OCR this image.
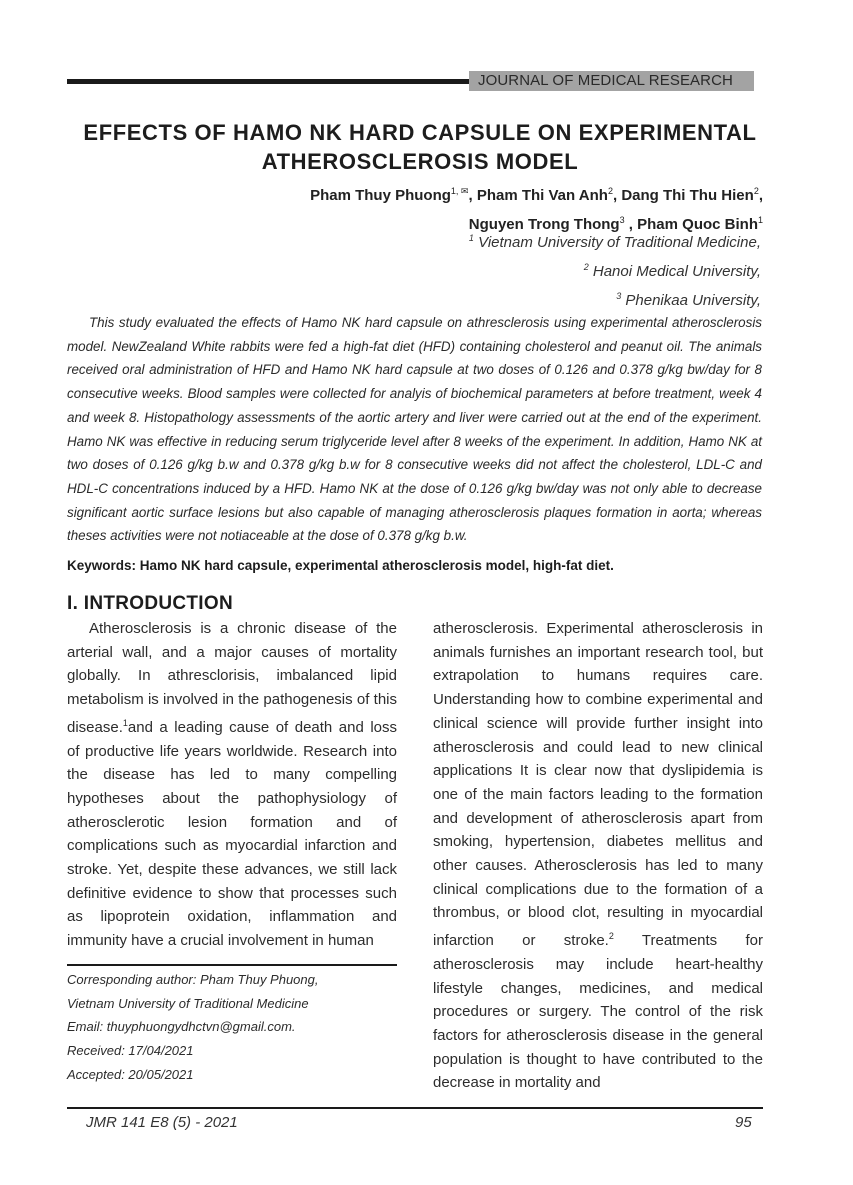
JOURNAL OF MEDICAL RESEARCH
EFFECTS OF HAMO NK HARD CAPSULE ON EXPERIMENTAL
ATHEROSCLEROSIS MODEL
Pham Thuy Phuong$^{1, ✉}$, Pham Thi Van Anh$^2$, Dang Thi Thu Hien$^2$,
Nguyen Trong Thong$^3$ , Pham Quoc Binh$^1$
$^1$ Vietnam University of Traditional Medicine,
$^2$ Hanoi Medical University,
$^3$ Phenikaa University,
This study evaluated the effects of Hamo NK hard capsule on athresclerosis using experimental atherosclerosis model. NewZealand White rabbits were fed a high-fat diet (HFD) containing cholesterol and peanut oil. The animals received oral administration of HFD and Hamo NK hard capsule at two doses of 0.126 and 0.378 g/kg bw/day for 8 consecutive weeks. Blood samples were collected for analyis of biochemical parameters at before treatment, week 4 and week 8. Histopathology assessments of the aortic artery and liver were carried out at the end of the experiment. Hamo NK was effective in reducing serum triglyceride level after 8 weeks of the experiment. In addition, Hamo NK at two doses of 0.126 g/kg b.w and 0.378 g/kg b.w for 8 consecutive weeks did not affect the cholesterol, LDL-C and HDL-C concentrations induced by a HFD. Hamo NK at the dose of 0.126 g/kg bw/day was not only able to decrease significant aortic surface lesions but also capable of managing atherosclerosis plaques formation in aorta; whereas theses activities were not notiaceable at the dose of 0.378 g/kg b.w.
Keywords: Hamo NK hard capsule, experimental atherosclerosis model, high-fat diet.
I. INTRODUCTION
Atherosclerosis is a chronic disease of the arterial wall, and a major causes of mortality globally. In athresclorisis, imbalanced lipid metabolism is involved in the pathogenesis of this disease.$^1$and a leading cause of death and loss of productive life years worldwide. Research into the disease has led to many compelling hypotheses about the pathophysiology of atherosclerotic lesion formation and of complications such as myocardial infarction and stroke. Yet, despite these advances, we still lack definitive evidence to show that processes such as lipoprotein oxidation, inflammation and immunity have a crucial involvement in human
atherosclerosis. Experimental atherosclerosis in animals furnishes an important research tool, but extrapolation to humans requires care. Understanding how to combine experimental and clinical science will provide further insight into atherosclerosis and could lead to new clinical applications It is clear now that dyslipidemia is one of the main factors leading to the formation and development of atherosclerosis apart from smoking, hypertension, diabetes mellitus and other causes. Atherosclerosis has led to many clinical complications due to the formation of a thrombus, or blood clot, resulting in myocardial infarction or stroke.$^2$ Treatments for atherosclerosis may include heart-healthy lifestyle changes, medicines, and medical procedures or surgery. The control of the risk factors for atherosclerosis disease in the general population is thought to have contributed to the decrease in mortality and
Corresponding author: Pham Thuy Phuong,
Vietnam University of Traditional Medicine
Email: thuyphuongydhctvn@gmail.com.
Received: 17/04/2021
Accepted: 20/05/2021
JMR 141 E8 (5) - 2021	95
